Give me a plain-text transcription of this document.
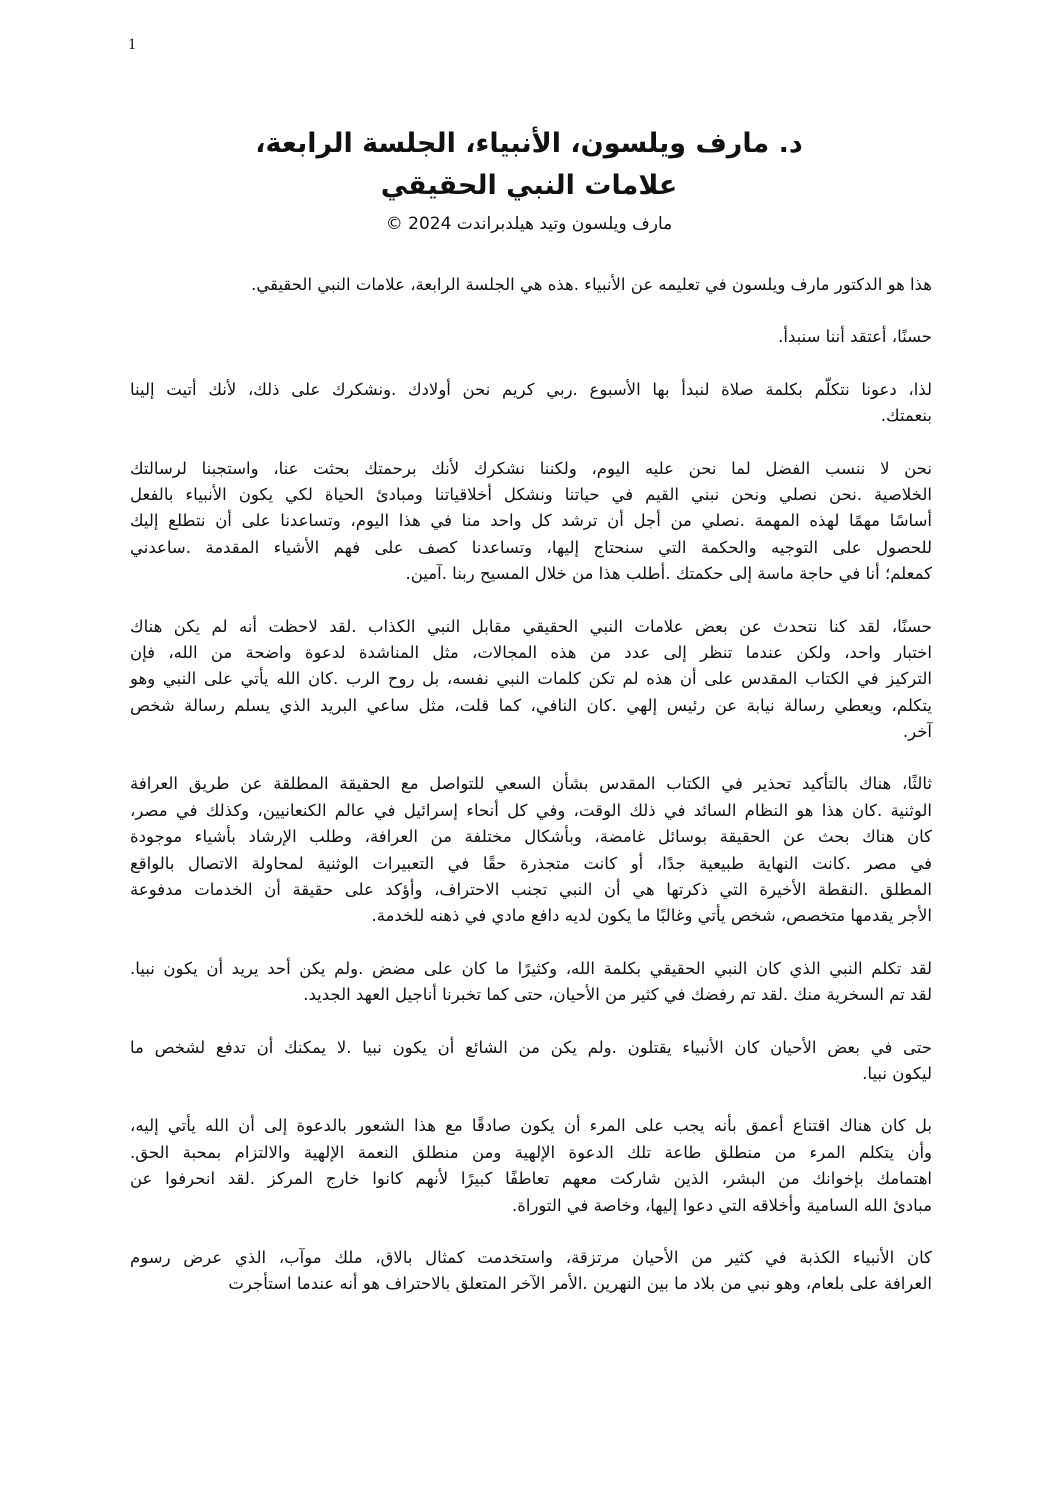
1
د. مارف ويلسون، الأنبياء، الجلسة الرابعة،
علامات النبي الحقيقي
مارف ويلسون وتيد هيلدبراندت 2024 ©
هذا هو الدكتور مارف ويلسون في تعليمه عن الأنبياء .هذه هي الجلسة الرابعة، علامات النبي الحقيقي.
حسنًا، أعتقد أننا سنبدأ.
لذا، دعونا نتكلّم بكلمة صلاة لنبدأ بها الأسبوع .ربي كريم نحن أولادك .ونشكرك على ذلك، لأنك أتيت إلينا
بنعمتك.
نحن لا ننسب الفضل لما نحن عليه اليوم، ولكننا نشكرك لأنك برحمتك بحثت عنا، واستجبنا لرسالتك
الخلاصية .نحن نصلي ونحن نبني القيم في حياتنا ونشكل أخلاقياتنا ومبادئ الحياة لكي يكون الأنبياء بالفعل
أساسًا مهمًا لهذه المهمة .نصلي من أجل أن ترشد كل واحد منا في هذا اليوم، وتساعدنا على أن نتطلع إليك
للحصول على التوجيه والحكمة التي سنحتاج إليها، وتساعدنا كصف على فهم الأشياء المقدمة .ساعدني
كمعلم؛ أنا في حاجة ماسة إلى حكمتك .أطلب هذا من خلال المسيح ربنا .آمين.
حسنًا، لقد كنا نتحدث عن بعض علامات النبي الحقيقي مقابل النبي الكذاب .لقد لاحظت أنه لم يكن هناك
اختبار واحد، ولكن عندما تنظر إلى عدد من هذه المجالات، مثل المناشدة لدعوة واضحة من الله، فإن
التركيز في الكتاب المقدس على أن هذه لم تكن كلمات النبي نفسه، بل روح الرب .كان الله يأتي على النبي وهو
يتكلم، ويعطي رسالة نيابة عن رئيس إلهي .كان النافي، كما قلت، مثل ساعي البريد الذي يسلم رسالة شخص
آخر.
ثالثًا، هناك بالتأكيد تحذير في الكتاب المقدس بشأن السعي للتواصل مع الحقيقة المطلقة عن طريق العرافة
الوثنية .كان هذا هو النظام السائد في ذلك الوقت، وفي كل أنحاء إسرائيل في عالم الكنعانيين، وكذلك في مصر،
كان هناك بحث عن الحقيقة بوسائل غامضة، وبأشكال مختلفة من العرافة، وطلب الإرشاد بأشياء موجودة
في مصر .كانت النهاية طبيعية جدًا، أو كانت متجذرة حقًا في التعبيرات الوثنية لمحاولة الاتصال بالواقع
المطلق .النقطة الأخيرة التي ذكرتها هي أن النبي تجنب الاحتراف، وأؤكد على حقيقة أن الخدمات مدفوعة
الأجر يقدمها متخصص، شخص يأتي وغالبًا ما يكون لديه دافع مادي في ذهنه للخدمة.
لقد تكلم النبي الذي كان النبي الحقيقي بكلمة الله، وكثيرًا ما كان على مضض .ولم يكن أحد يريد أن يكون نبيا.
لقد تم السخرية منك .لقد تم رفضك في كثير من الأحيان، حتى كما تخبرنا أناجيل العهد الجديد.
حتى في بعض الأحيان كان الأنبياء يقتلون .ولم يكن من الشائع أن يكون نبيا .لا يمكنك أن تدفع لشخص ما
ليكون نبيا.
بل كان هناك اقتناع أعمق بأنه يجب على المرء أن يكون صادقًا مع هذا الشعور بالدعوة إلى أن الله يأتي إليه،
وأن يتكلم المرء من منطلق طاعة تلك الدعوة الإلهية ومن منطلق النعمة الإلهية والالتزام بمحبة الحق.
اهتمامك بإخوانك من البشر، الذين شاركت معهم تعاطفًا كبيرًا لأنهم كانوا خارج المركز .لقد انحرفوا عن
مبادئ الله السامية وأخلاقه التي دعوا إليها، وخاصة في التوراة.
كان الأنبياء الكذبة في كثير من الأحيان مرتزقة، واستخدمت كمثال بالاق، ملك موآب، الذي عرض رسوم
العرافة على بلعام، وهو نبي من بلاد ما بين النهرين .الأمر الآخر المتعلق بالاحتراف هو أنه عندما استأجرت
